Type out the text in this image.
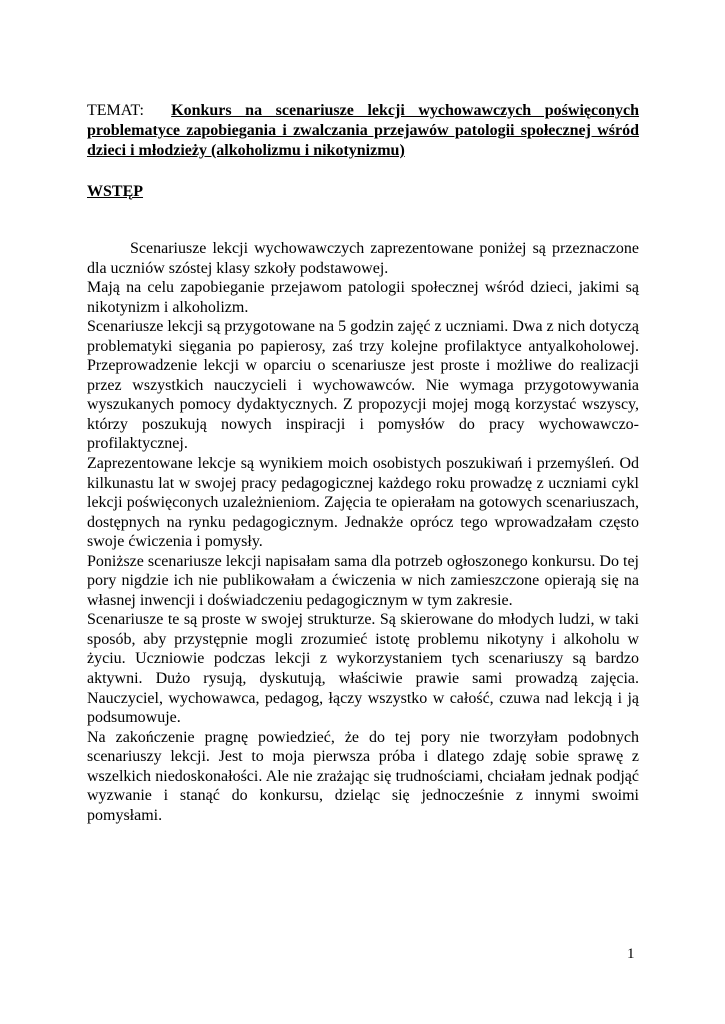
TEMAT: Konkurs na scenariusze lekcji wychowawczych poświęconych problematyce zapobiegania i zwalczania przejawów patologii społecznej wśród dzieci i młodzieży (alkoholizmu i nikotynizmu)

WSTĘP

Scenariusze lekcji wychowawczych zaprezentowane poniżej są przeznaczone dla uczniów szóstej klasy szkoły podstawowej.

Mają na celu zapobieganie przejawom patologii społecznej wśród dzieci, jakimi są nikotynizm i alkoholizm.

Scenariusze lekcji są przygotowane na 5 godzin zajęć z uczniami. Dwa z nich dotyczą problematyki sięgania po papierosy, zaś trzy kolejne profilaktyce antyalkoholowej. Przeprowadzenie lekcji w oparciu o scenariusze jest proste i możliwe do realizacji przez wszystkich nauczycieli i wychowawców. Nie wymaga przygotowywania wyszukanych pomocy dydaktycznych. Z propozycji mojej mogą korzystać wszyscy, którzy poszukują nowych inspiracji i pomysłów do pracy wychowawczo- profilaktycznej.

Zaprezentowane lekcje są wynikiem moich osobistych poszukiwań i przemyśleń. Od kilkunastu lat w swojej pracy pedagogicznej każdego roku prowadzę z uczniami cykl lekcji poświęconych uzależnieniom. Zajęcia te opierałam na gotowych scenariuszach, dostępnych na rynku pedagogicznym. Jednakże oprócz tego wprowadzałam często swoje ćwiczenia i pomysły.

Poniższe scenariusze lekcji napisałam sama dla potrzeb ogłoszonego konkursu. Do tej pory nigdzie ich nie publikowałam a ćwiczenia w nich zamieszczone opierają się na własnej inwencji i doświadczeniu pedagogicznym w tym zakresie.

Scenariusze te są proste w swojej strukturze. Są skierowane do młodych ludzi, w taki sposób, aby przystępnie mogli zrozumieć istotę problemu nikotyny i alkoholu w życiu. Uczniowie podczas lekcji z wykorzystaniem tych scenariuszy są bardzo aktywni. Dużo rysują, dyskutują, właściwie prawie sami prowadzą zajęcia. Nauczyciel, wychowawca, pedagog, łączy wszystko w całość, czuwa nad lekcją i ją podsumowuje.

Na zakończenie pragnę powiedzieć, że do tej pory nie tworzyłam podobnych scenariuszy lekcji. Jest to moja pierwsza próba i dlatego zdaję sobie sprawę z wszelkich niedoskonałości. Ale nie zrażając się trudnościami, chciałam jednak podjąć wyzwanie i stanąć do konkursu, dzieląc się jednocześnie z innymi swoimi pomysłami.

1
